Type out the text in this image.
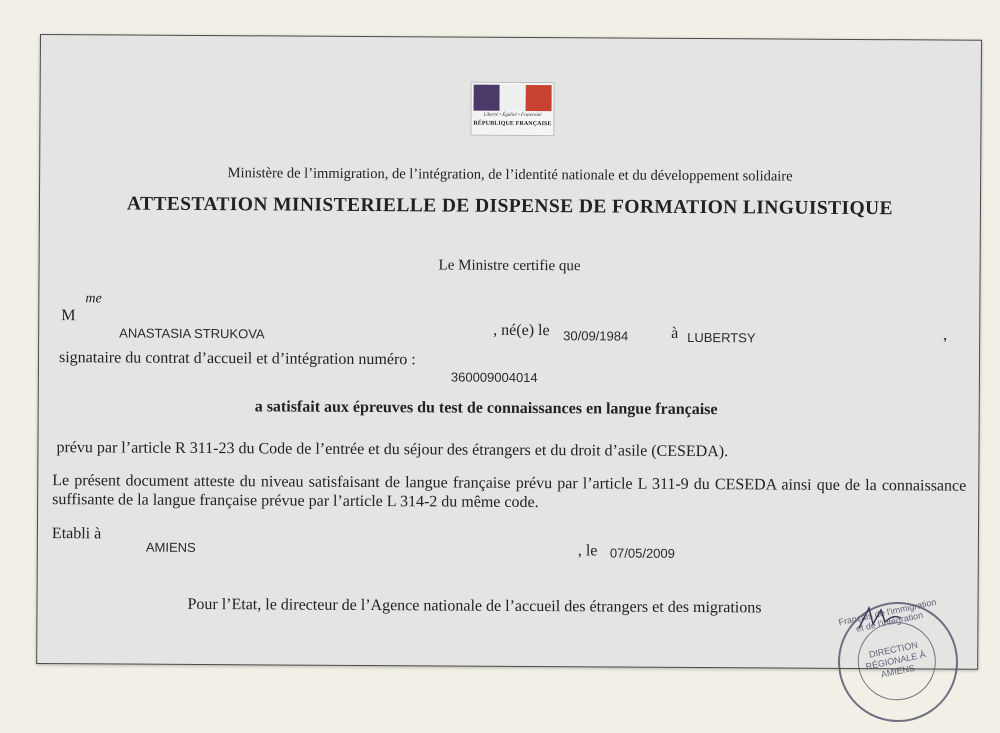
Liberté • Égalité • Fraternité
RÉPUBLIQUE FRANÇAISE
Ministère de l’immigration, de l’intégration, de l’identité nationale et du développement solidaire
ATTESTATION MINISTERIELLE DE DISPENSE DE FORMATION LINGUISTIQUE
Le Ministre certifie que
M
me
ANASTASIA STRUKOVA	, né(e) le 30/09/1984	à LUBERTSY	,
signataire du contrat d’accueil et d’intégration numéro :
360009004014
a satisfait aux épreuves du test de connaissances en langue française
prévu par l’article R 311-23 du Code de l’entrée et du séjour des étrangers et du droit d’asile (CESEDA).
Le présent document atteste du niveau satisfaisant de langue française prévu par l’article L 311-9 du CESEDA ainsi que de la connaissance suffisante de la langue française prévue par l’article L 314-2 du même code.
Etabli à
AMIENS	, le 07/05/2009
Pour l’Etat, le directeur de l’Agence nationale de l’accueil des étrangers et des migrations	Français de l'immigration et de l'intégration
DIRECTION RÉGIONALE À AMIENS
